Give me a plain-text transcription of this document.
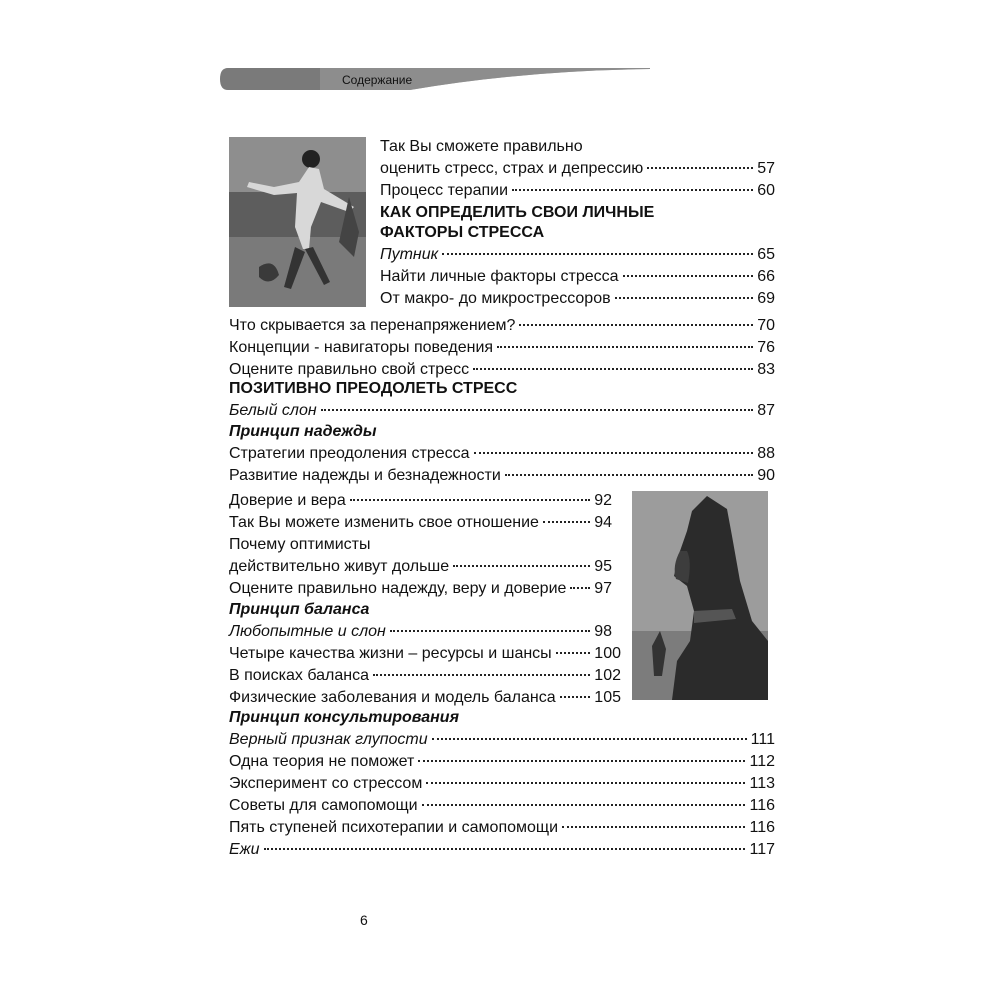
Содержание
Так Вы сможете правильно
оценить стресс, страх и депрессию	57
Процесс терапии	60
КАК ОПРЕДЕЛИТЬ СВОИ ЛИЧНЫЕ
ФАКТОРЫ СТРЕССА
Путник	65
Найти личные факторы стресса	66
От макро- до микрострессоров	69
Что скрывается за перенапряжением?	70
Концепции - навигаторы поведения	76
Оцените правильно свой стресс	83
ПОЗИТИВНО ПРЕОДОЛЕТЬ СТРЕСС
Белый слон	87
Принцип надежды
Стратегии преодоления стресса	88
Развитие надежды и безнадежности	90
Доверие и вера	92
Так Вы можете изменить свое отношение	94
Почему оптимисты
действительно живут дольше	95
Оцените правильно надежду, веру и доверие 97
Принцип баланса
Любопытные и слон	98
Четыре качества жизни – ресурсы и шансы	100
В поисках баланса	102
Физические заболевания и модель баланса 105
Принцип консультирования
Верный признак глупости	111
Одна теория не поможет	112
Эксперимент со стрессом	113
Советы для самопомощи	116
Пять ступеней психотерапии и самопомощи	116
Ежи	117
6
